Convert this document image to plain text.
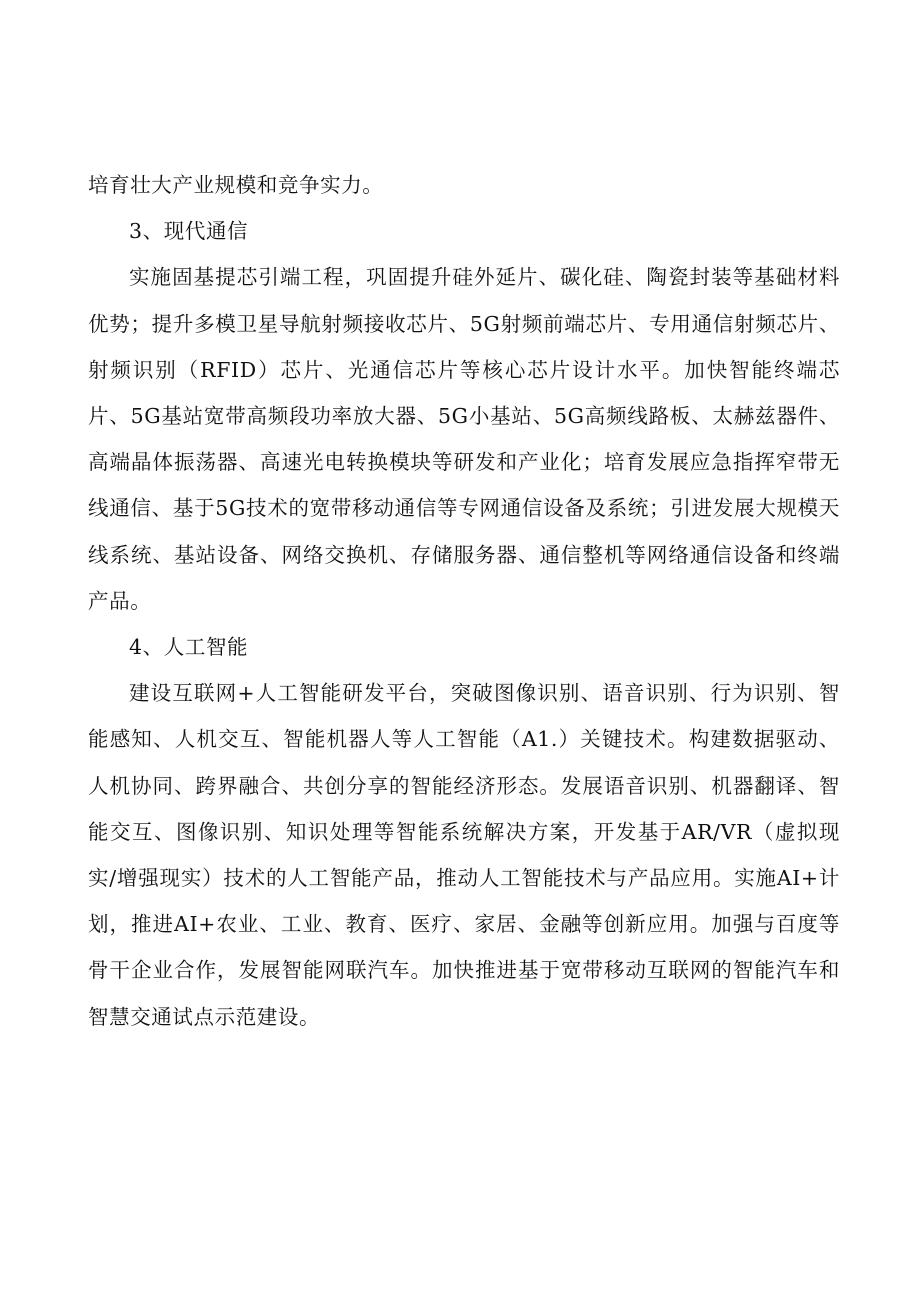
培育壮大产业规模和竞争实力。

3、现代通信

实施固基提芯引端工程，巩固提升硅外延片、碳化硅、陶瓷封装等基础材料优势；提升多模卫星导航射频接收芯片、5G射频前端芯片、专用通信射频芯片、射频识别（RFID）芯片、光通信芯片等核心芯片设计水平。加快智能终端芯片、5G基站宽带高频段功率放大器、5G小基站、5G高频线路板、太赫兹器件、高端晶体振荡器、高速光电转换模块等研发和产业化；培育发展应急指挥窄带无线通信、基于5G技术的宽带移动通信等专网通信设备及系统；引进发展大规模天线系统、基站设备、网络交换机、存储服务器、通信整机等网络通信设备和终端产品。

4、人工智能

建设互联网+人工智能研发平台，突破图像识别、语音识别、行为识别、智能感知、人机交互、智能机器人等人工智能（A1.）关键技术。构建数据驱动、人机协同、跨界融合、共创分享的智能经济形态。发展语音识别、机器翻译、智能交互、图像识别、知识处理等智能系统解决方案，开发基于AR/VR（虚拟现实/增强现实）技术的人工智能产品，推动人工智能技术与产品应用。实施AI+计划，推进AI+农业、工业、教育、医疗、家居、金融等创新应用。加强与百度等骨干企业合作，发展智能网联汽车。加快推进基于宽带移动互联网的智能汽车和智慧交通试点示范建设。
